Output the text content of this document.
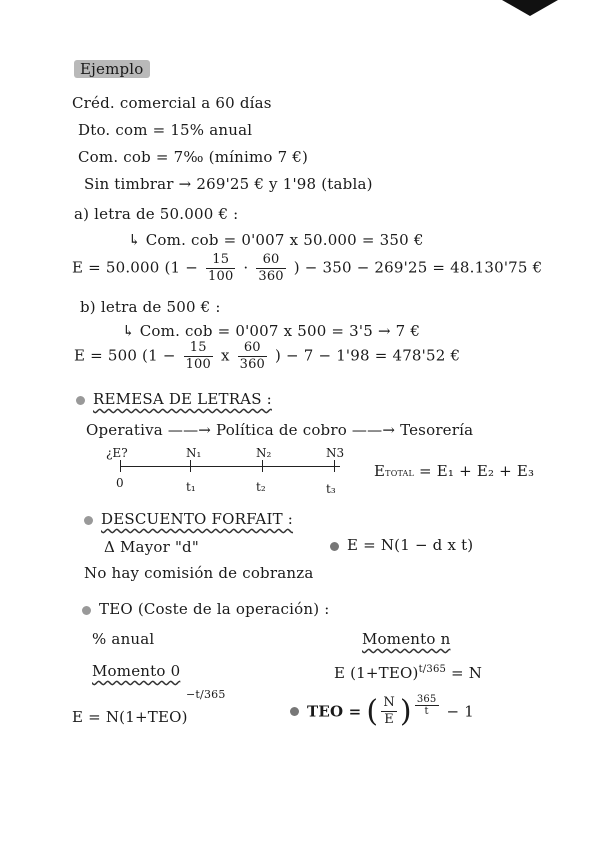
Ejemplo
Créd. comercial a 60 días
Dto. com = 15% anual
Com. cob = 7‰ (mínimo 7 €)
Sin timbrar → 269'25 € y 1'98 (tabla)
a) letra de 50.000 € :
↳ Com. cob = 0'007 x 50.000 = 350 €
E = 50.000 ($1 - \frac{15}{100} \cdot \frac{60}{360}$ ) − 350 − 269'25 = 48.130'75 €
b) letra de 500 € :
↳ Com. cob = 0'007 x 500 = 3'5 → 7 €
E = 500 ($1 - \frac{15}{100}$ x $\frac{60}{360}$ ) − 7 − 1'98 = 478'52 €
REMESA DE LETRAS :
Operativa ——→ Política de cobro ——→ Tesorería
¿E?	N₁	N₂	N3
0	t₁	t₂	t₃
ETOTAL = E₁ + E₂ + E₃
DESCUENTO FORFAIT :
Δ Mayor "d"	E = N(1 − d x t)
No hay comisión de cobranza
TEO (Coste de la operación) :
% anual	Momento n
E $(1+TEO)^{t/365} = N$
Momento 0
−t/365
E = N(1+TEO)	TEO = ( $\frac{N}{E}$ ) $\frac{365}{t} - 1$
